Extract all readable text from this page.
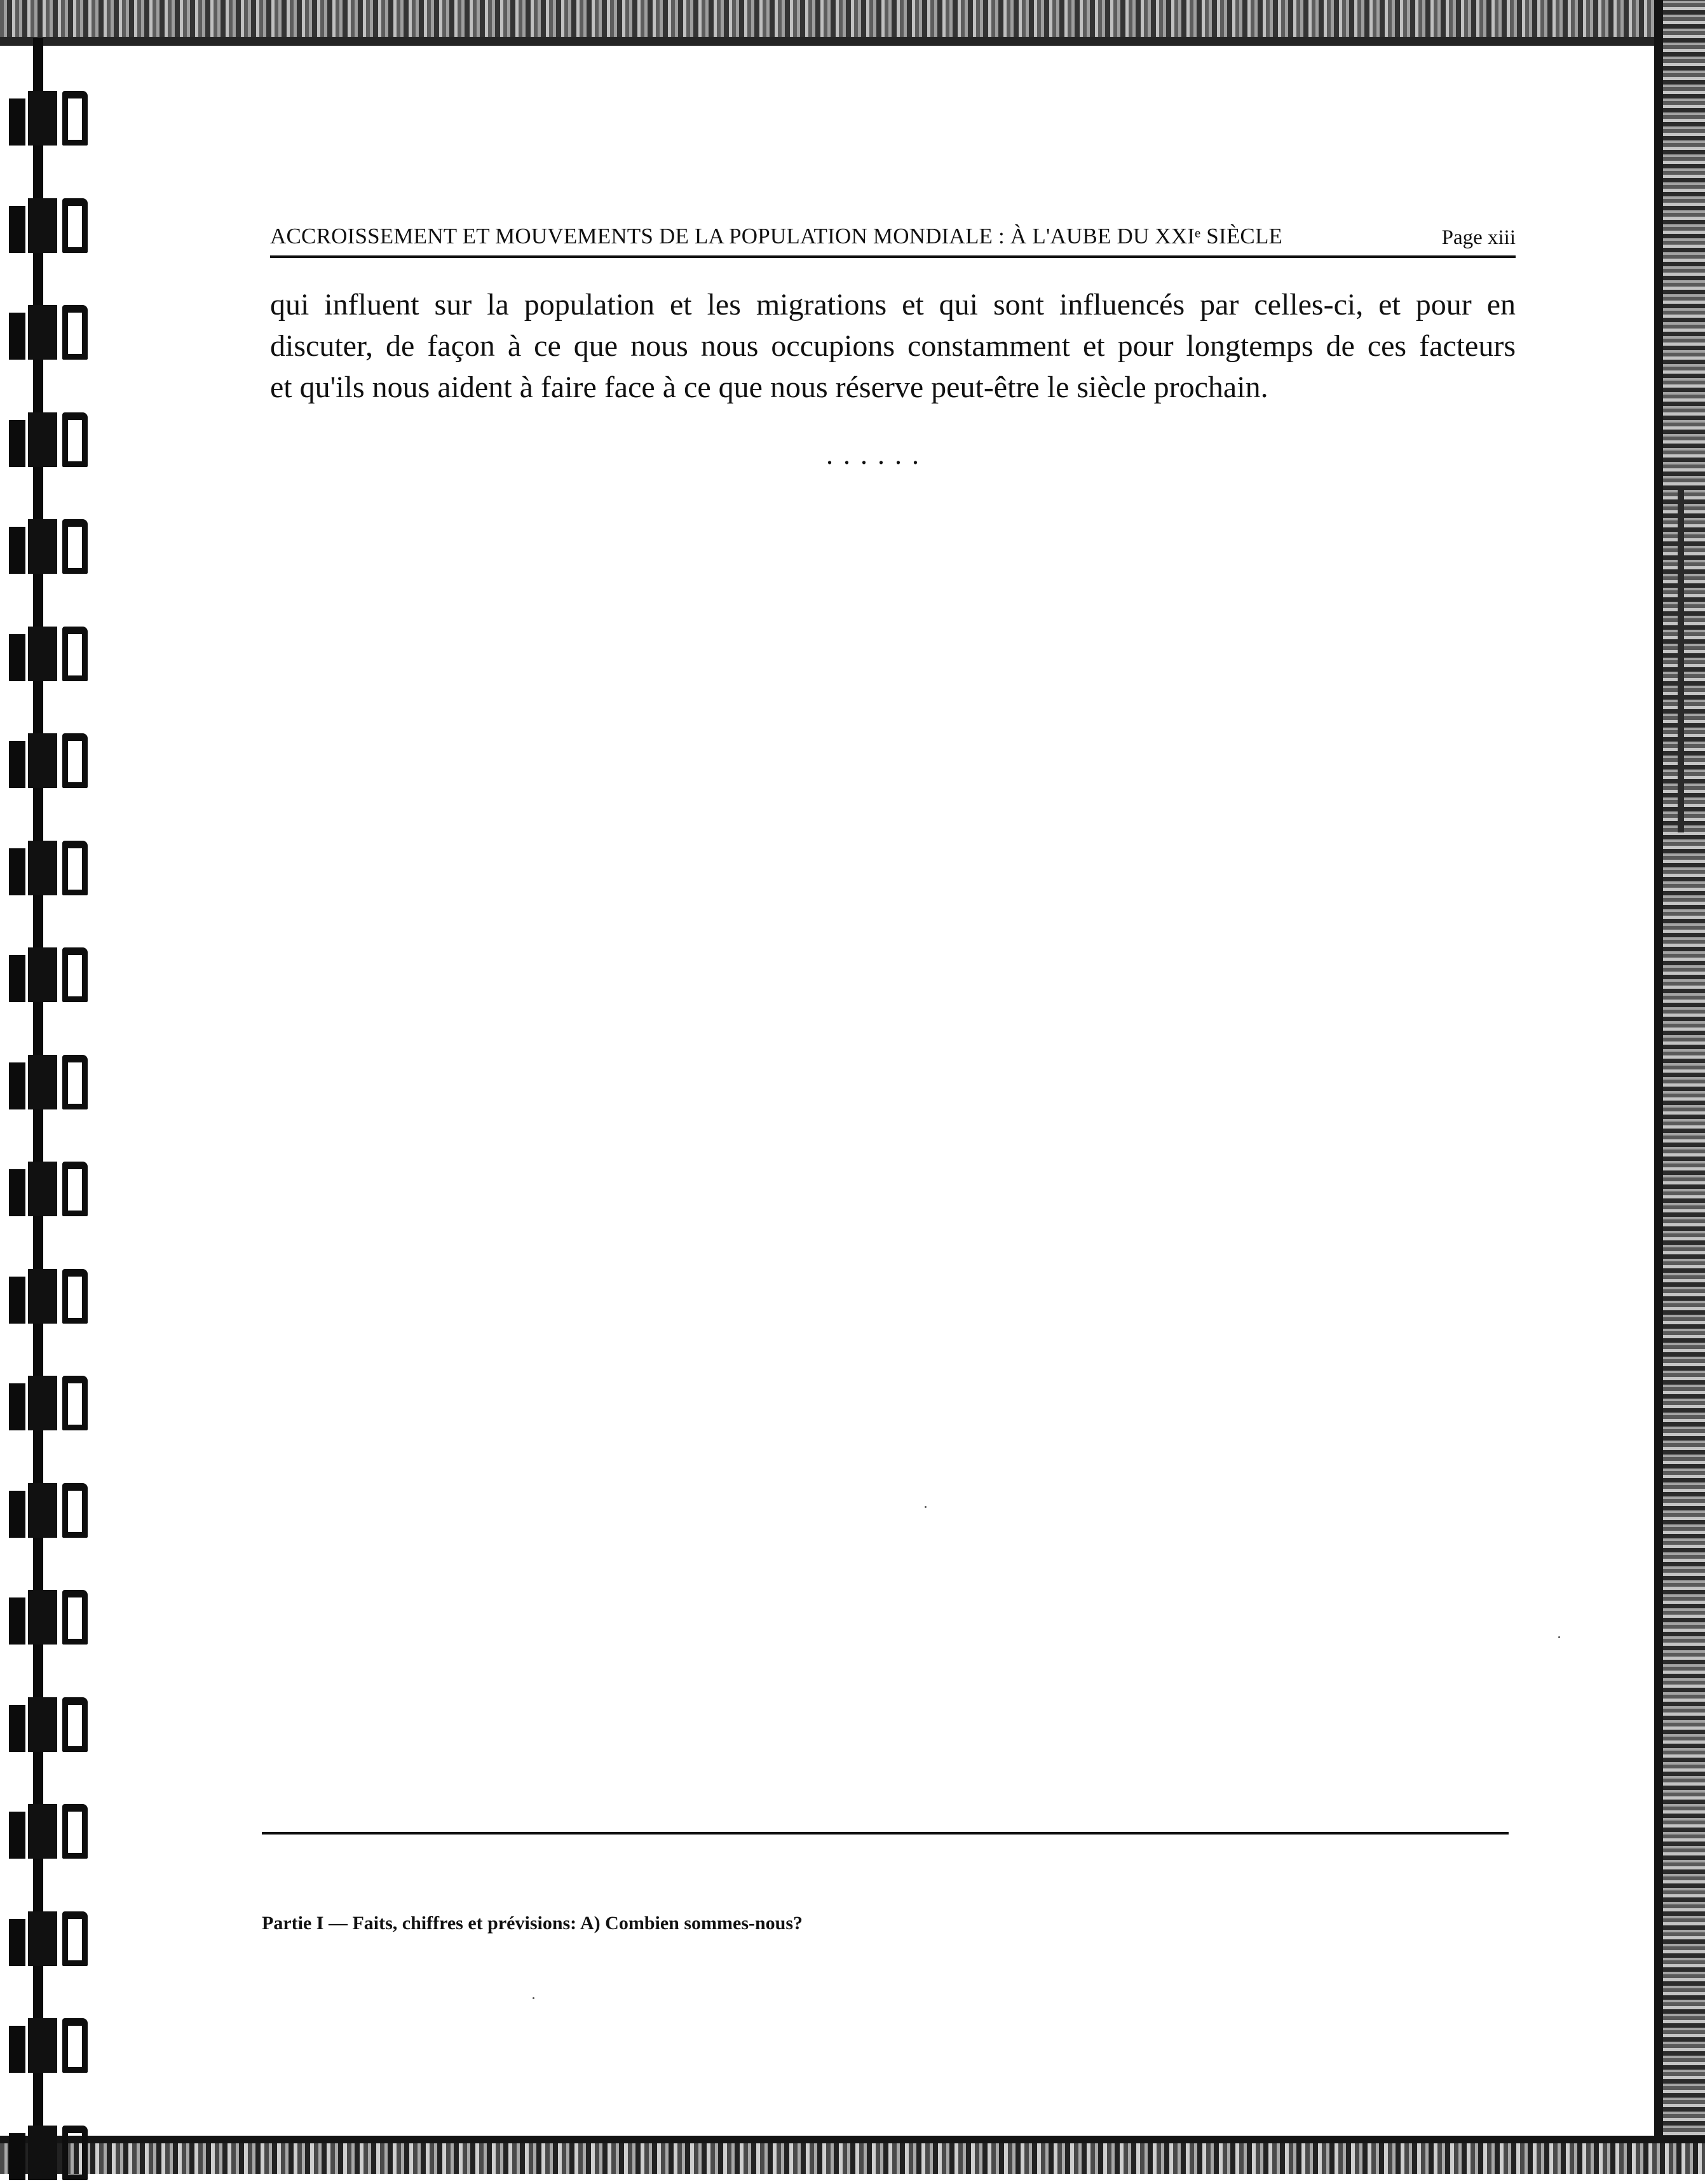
ACCROISSEMENT ET MOUVEMENTS DE LA POPULATION MONDIALE : À L'AUBE DU XXIᵉ SIÈCLE	Page xiii
qui influent sur la population et les migrations et qui sont influencés par celles-ci, et pour en
discuter, de façon à ce que nous nous occupions constamment et pour longtemps de ces facteurs
et qu'ils nous aident à faire face à ce que nous réserve peut-être le siècle prochain.
......
Partie I — Faits, chiffres et prévisions: A) Combien sommes-nous?
